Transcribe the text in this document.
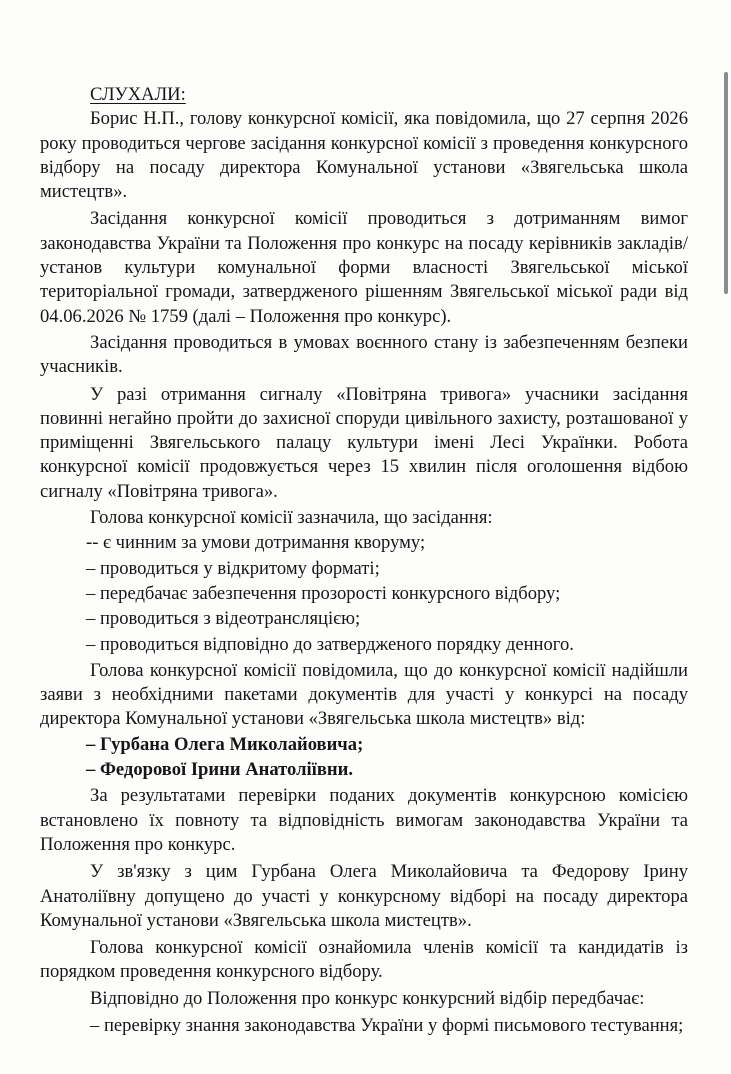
СЛУХАЛИ:

Борис Н.П., голову конкурсної комісії, яка повідомила, що 27 серпня 2026 року проводиться чергове засідання конкурсної комісії з проведення конкурсного відбору на посаду директора Комунальної установи «Звягельська школа мистецтв».

Засідання конкурсної комісії проводиться з дотриманням вимог законодавства України та Положення про конкурс на посаду керівників закладів/установ культури комунальної форми власності Звягельської міської територіальної громади, затвердженого рішенням Звягельської міської ради від 04.06.2026 № 1759 (далі – Положення про конкурс).

Засідання проводиться в умовах воєнного стану із забезпеченням безпеки учасників.

У разі отримання сигналу «Повітряна тривога» учасники засідання повинні негайно пройти до захисної споруди цивільного захисту, розташованої у приміщенні Звягельського палацу культури імені Лесі Українки. Робота конкурсної комісії продовжується через 15 хвилин після оголошення відбою сигналу «Повітряна тривога».

Голова конкурсної комісії зазначила, що засідання:

-- є чинним за умови дотримання кворуму;

– проводиться у відкритому форматі;

– передбачає забезпечення прозорості конкурсного відбору;

– проводиться з відеотрансляцією;

– проводиться відповідно до затвердженого порядку денного.

Голова конкурсної комісії повідомила, що до конкурсної комісії надійшли заяви з необхідними пакетами документів для участі у конкурсі на посаду директора Комунальної установи «Звягельська школа мистецтв» від:

– Гурбана Олега Миколайовича;

– Федорової Ірини Анатоліївни.

За результатами перевірки поданих документів конкурсною комісією встановлено їх повноту та відповідність вимогам законодавства України та Положення про конкурс.

У зв'язку з цим Гурбана Олега Миколайовича та Федорову Ірину Анатоліївну допущено до участі у конкурсному відборі на посаду директора Комунальної установи «Звягельська школа мистецтв».

Голова конкурсної комісії ознайомила членів комісії та кандидатів із порядком проведення конкурсного відбору.

Відповідно до Положення про конкурс конкурсний відбір передбачає:

– перевірку знання законодавства України у формі письмового тестування;
